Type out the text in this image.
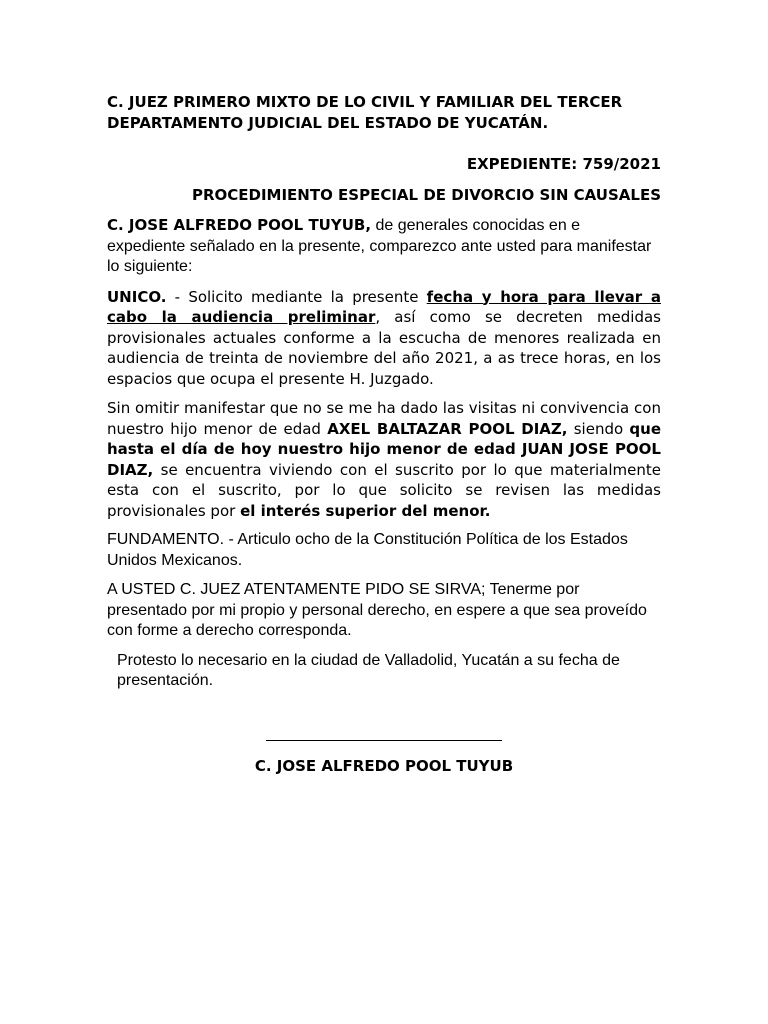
C. JUEZ PRIMERO MIXTO DE LO CIVIL Y FAMILIAR DEL TERCER DEPARTAMENTO JUDICIAL DEL ESTADO DE YUCATÁN.

EXPEDIENTE: 759/2021

PROCEDIMIENTO ESPECIAL DE DIVORCIO SIN CAUSALES

C. JOSE ALFREDO POOL TUYUB, de generales conocidas en e expediente señalado en la presente, comparezco ante usted para manifestar lo siguiente:

UNICO. - Solicito mediante la presente fecha y hora para llevar a cabo la audiencia preliminar, así como se decreten medidas provisionales actuales conforme a la escucha de menores realizada en audiencia de treinta de noviembre del año 2021, a as trece horas, en los espacios que ocupa el presente H. Juzgado.

Sin omitir manifestar que no se me ha dado las visitas ni convivencia con nuestro hijo menor de edad AXEL BALTAZAR POOL DIAZ, siendo que hasta el día de hoy nuestro hijo menor de edad JUAN JOSE POOL DIAZ, se encuentra viviendo con el suscrito por lo que materialmente esta con el suscrito, por lo que solicito se revisen las medidas provisionales por el interés superior del menor.

FUNDAMENTO. - Articulo ocho de la Constitución Política de los Estados Unidos Mexicanos.

A USTED C. JUEZ ATENTAMENTE PIDO SE SIRVA; Tenerme por presentado por mi propio y personal derecho, en espere a que sea proveído con forme a derecho corresponda.

Protesto lo necesario en la ciudad de Valladolid, Yucatán a su fecha de presentación.

C. JOSE ALFREDO POOL TUYUB
